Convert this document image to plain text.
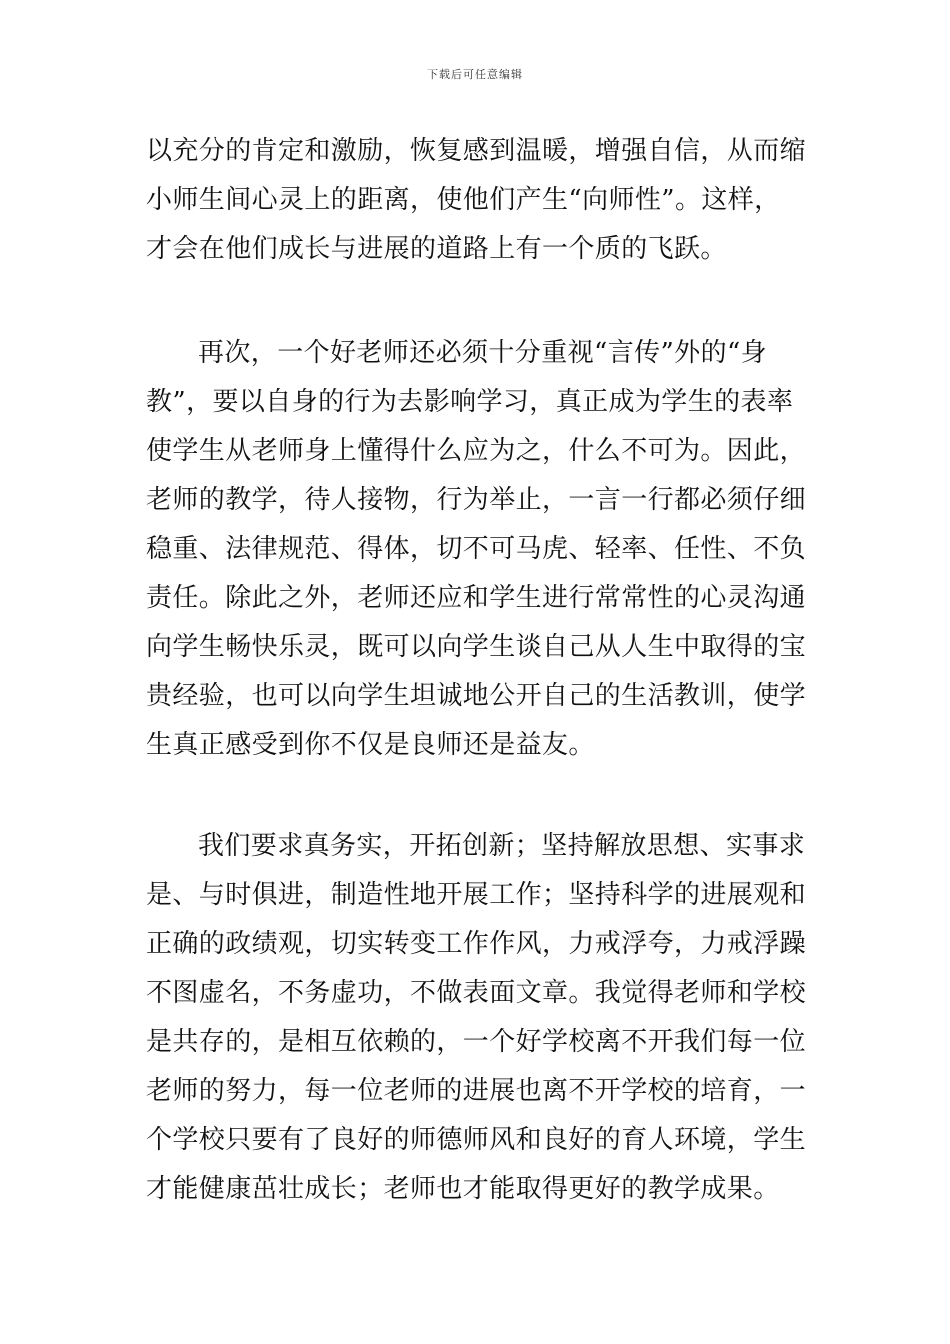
下载后可任意编辑
以充分的肯定和激励，恢复感到温暖，增强自信，从而缩
小师生间心灵上的距离，使他们产生“向师性”。这样，
才会在他们成长与进展的道路上有一个质的飞跃。
再次，一个好老师还必须十分重视“言传”外的“身
教”，要以自身的行为去影响学习，真正成为学生的表率
使学生从老师身上懂得什么应为之，什么不可为。因此，
老师的教学，待人接物，行为举止，一言一行都必须仔细
稳重、法律规范、得体，切不可马虎、轻率、任性、不负
责任。除此之外，老师还应和学生进行常常性的心灵沟通
向学生畅快乐灵，既可以向学生谈自己从人生中取得的宝
贵经验，也可以向学生坦诚地公开自己的生活教训，使学
生真正感受到你不仅是良师还是益友。
我们要求真务实，开拓创新；坚持解放思想、实事求
是、与时俱进，制造性地开展工作；坚持科学的进展观和
正确的政绩观，切实转变工作作风，力戒浮夸，力戒浮躁
不图虚名，不务虚功，不做表面文章。我觉得老师和学校
是共存的，是相互依赖的，一个好学校离不开我们每一位
老师的努力，每一位老师的进展也离不开学校的培育，一
个学校只要有了良好的师德师风和良好的育人环境，学生
才能健康茁壮成长；老师也才能取得更好的教学成果。
